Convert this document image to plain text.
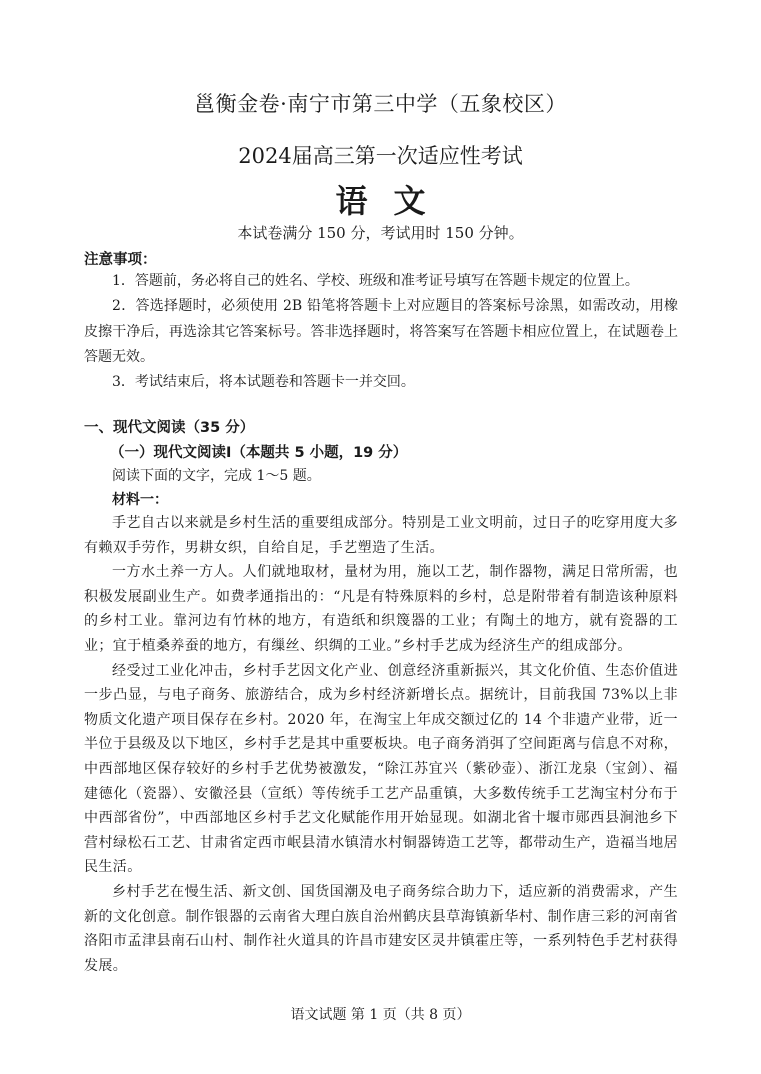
邕衡金卷·南宁市第三中学（五象校区）
2024届高三第一次适应性考试
语文
本试卷满分 150 分，考试用时 150 分钟。
注意事项：

1．答题前，务必将自己的姓名、学校、班级和准考证号填写在答题卡规定的位置上。

2．答选择题时，必须使用 2B 铅笔将答题卡上对应题目的答案标号涂黑，如需改动，用橡皮擦干净后，再选涂其它答案标号。答非选择题时，将答案写在答题卡相应位置上，在试题卷上答题无效。

3．考试结束后，将本试题卷和答题卡一并交回。

一、现代文阅读（35 分）
（一）现代文阅读Ⅰ（本题共 5 小题，19 分）
阅读下面的文字，完成 1～5 题。
材料一：

手艺自古以来就是乡村生活的重要组成部分。特别是工业文明前，过日子的吃穿用度大多有赖双手劳作，男耕女织，自给自足，手艺塑造了生活。

一方水土养一方人。人们就地取材，量材为用，施以工艺，制作器物，满足日常所需，也积极发展副业生产。如费孝通指出的：“凡是有特殊原料的乡村，总是附带着有制造该种原料的乡村工业。靠河边有竹林的地方，有造纸和织篾器的工业；有陶土的地方，就有瓷器的工业；宜于植桑养蚕的地方，有缫丝、织绸的工业。”乡村手艺成为经济生产的组成部分。

经受过工业化冲击，乡村手艺因文化产业、创意经济重新振兴，其文化价值、生态价值进一步凸显，与电子商务、旅游结合，成为乡村经济新增长点。据统计，目前我国 73%以上非物质文化遗产项目保存在乡村。2020 年，在淘宝上年成交额过亿的 14 个非遗产业带，近一半位于县级及以下地区，乡村手艺是其中重要板块。电子商务消弭了空间距离与信息不对称，中西部地区保存较好的乡村手艺优势被激发，“除江苏宜兴（紫砂壶）、浙江龙泉（宝剑）、福建德化（瓷器）、安徽泾县（宣纸）等传统手工艺产品重镇，大多数传统手工艺淘宝村分布于中西部省份”，中西部地区乡村手艺文化赋能作用开始显现。如湖北省十堰市郧西县涧池乡下营村绿松石工艺、甘肃省定西市岷县清水镇清水村铜器铸造工艺等，都带动生产，造福当地居民生活。

乡村手艺在慢生活、新文创、国货国潮及电子商务综合助力下，适应新的消费需求，产生新的文化创意。制作银器的云南省大理白族自治州鹤庆县草海镇新华村、制作唐三彩的河南省洛阳市孟津县南石山村、制作社火道具的许昌市建安区灵井镇霍庄等，一系列特色手艺村获得发展。

语文试题 第 1 页（共 8 页）
